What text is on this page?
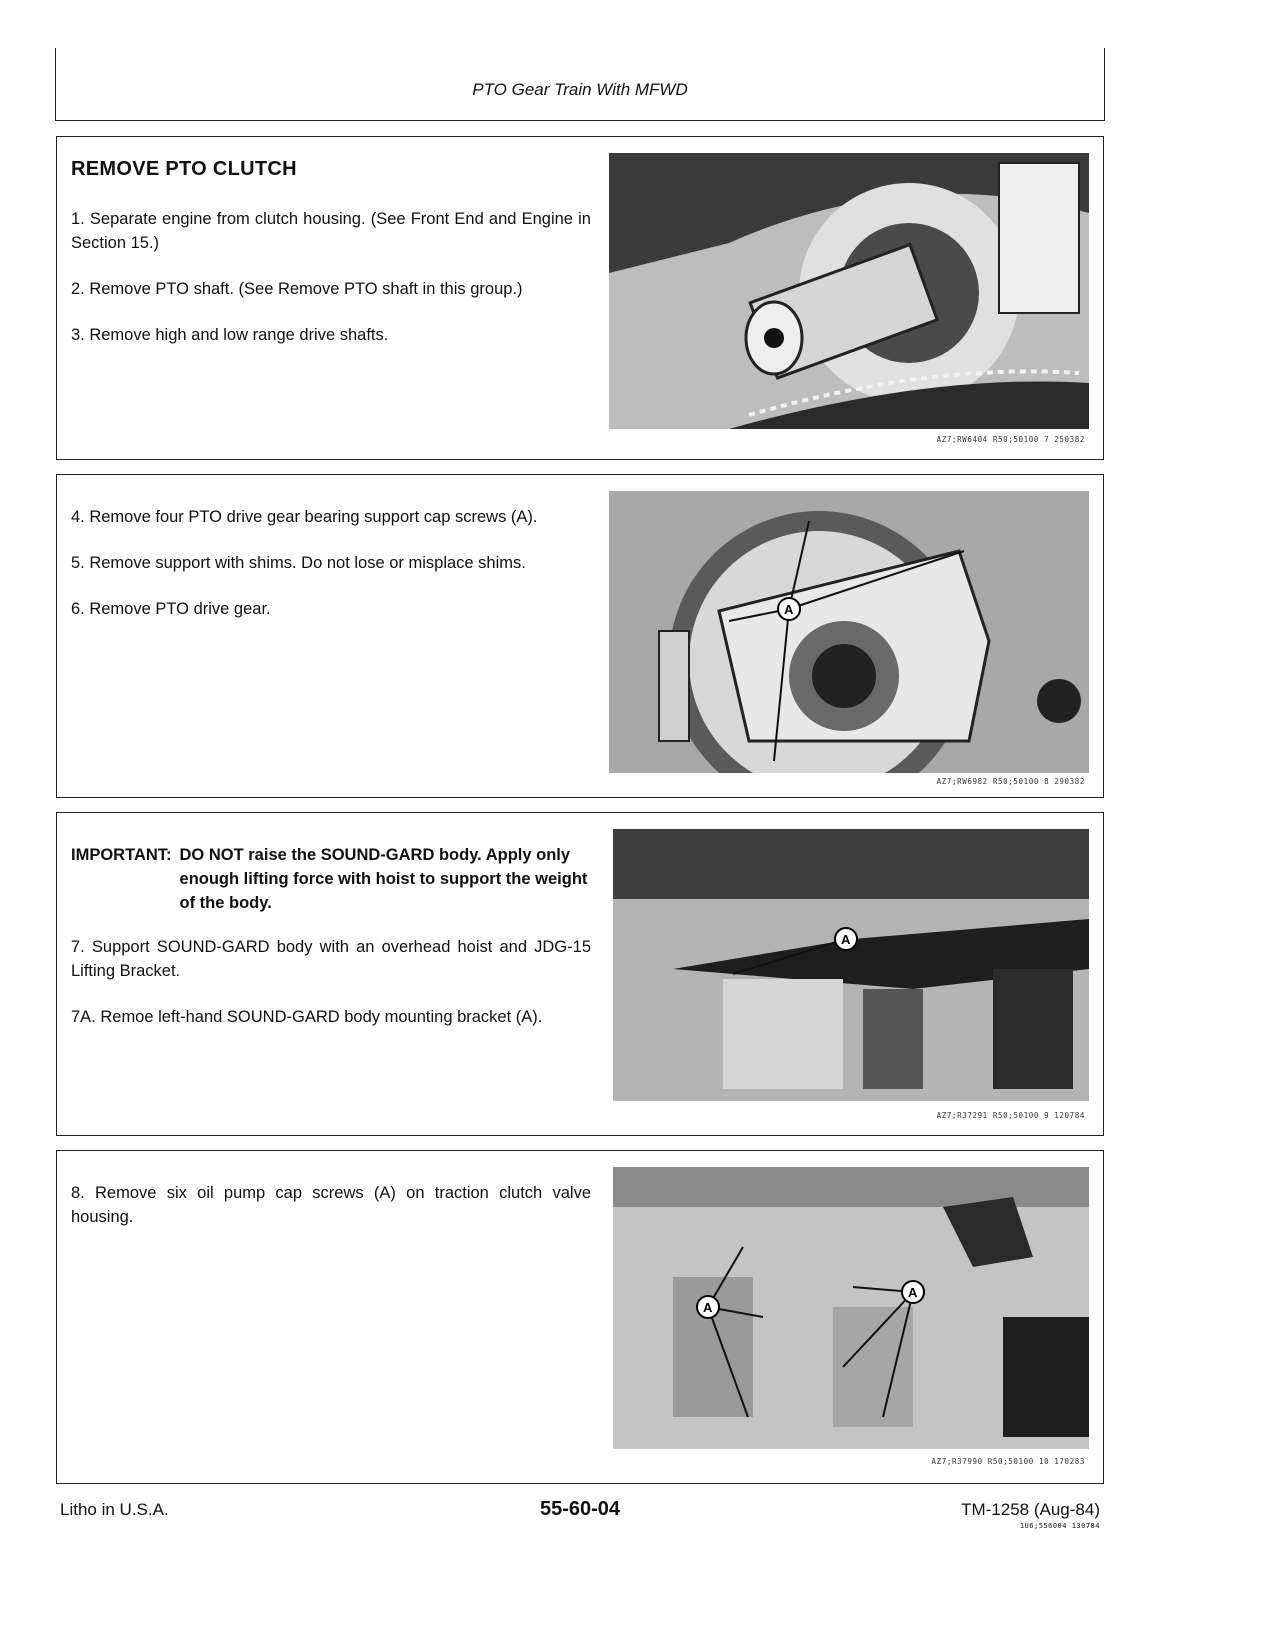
PTO Gear Train With MFWD
REMOVE PTO CLUTCH

1. Separate engine from clutch housing. (See Front End and Engine in Section 15.)

2. Remove PTO shaft. (See Remove PTO shaft in this group.)

3. Remove high and low range drive shafts.

AZ7;RW6404 R50;50100 7 250382

4. Remove four PTO drive gear bearing support cap screws (A).

5. Remove support with shims. Do not lose or misplace shims.

6. Remove PTO drive gear.	A
AZ7;RW6982 R50;50100 8 290382
IMPORTANT: DO NOT raise the SOUND-GARD body. Apply only enough lifting force with hoist to support the weight of the body.

7. Support SOUND-GARD body with an overhead hoist and JDG-15 Lifting Bracket.

7A. Remoe left-hand SOUND-GARD body mounting bracket (A).

A
AZ7;R37291 R50;50100 9 120784

8. Remove six oil pump cap screws (A) on traction clutch valve housing.

A
A
AZ7;R37990 R50;50100 10 170283
Litho in U.S.A.	55-60-04	TM-1258 (Aug-84)
1U6;556004 130784
